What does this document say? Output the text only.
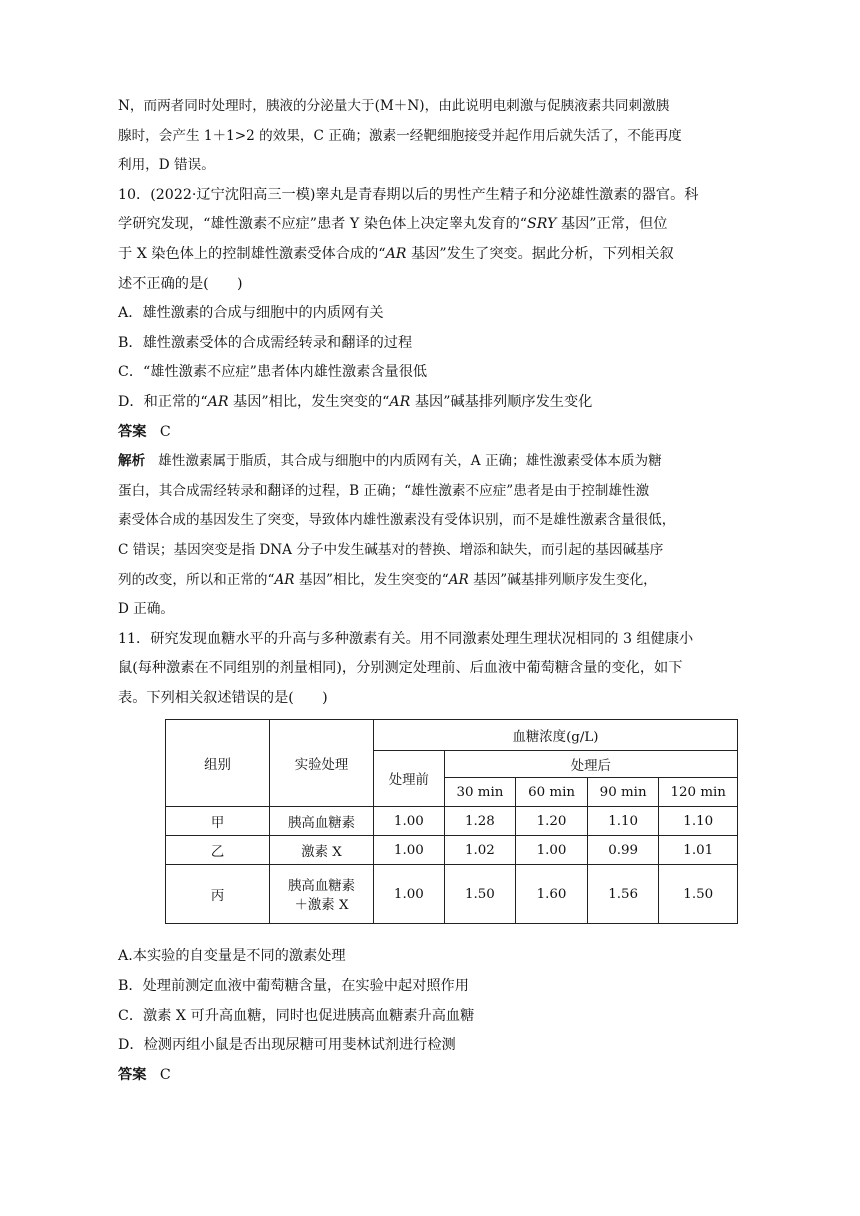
N，而两者同时处理时，胰液的分泌量大于(M＋N)，由此说明电刺激与促胰液素共同刺激胰

腺时，会产生 1＋1>2 的效果，C 正确；激素一经靶细胞接受并起作用后就失活了，不能再度

利用，D 错误。

10．(2022·辽宁沈阳高三一模)睾丸是青春期以后的男性产生精子和分泌雄性激素的器官。科

学研究发现，“雄性激素不应症”患者 Y 染色体上决定睾丸发育的“SRY 基因”正常，但位

于 X 染色体上的控制雄性激素受体合成的“AR 基因”发生了突变。据此分析，下列相关叙

述不正确的是(　　)

A．雄性激素的合成与细胞中的内质网有关

B．雄性激素受体的合成需经转录和翻译的过程

C．“雄性激素不应症”患者体内雄性激素含量很低

D．和正常的“AR 基因”相比，发生突变的“AR 基因”碱基排列顺序发生变化

答案 C

解析 雄性激素属于脂质，其合成与细胞中的内质网有关，A 正确；雄性激素受体本质为糖

蛋白，其合成需经转录和翻译的过程，B 正确；“雄性激素不应症”患者是由于控制雄性激

素受体合成的基因发生了突变，导致体内雄性激素没有受体识别，而不是雄性激素含量很低，

C 错误；基因突变是指 DNA 分子中发生碱基对的替换、增添和缺失，而引起的基因碱基序

列的改变，所以和正常的“AR 基因”相比，发生突变的“AR 基因”碱基排列顺序发生变化，

D 正确。

11．研究发现血糖水平的升高与多种激素有关。用不同激素处理生理状况相同的 3 组健康小

鼠(每种激素在不同组别的剂量相同)，分别测定处理前、后血液中葡萄糖含量的变化，如下

表。下列相关叙述错误的是(　　)

组别	实验处理	血糖浓度(g/L)				
		处理前	处理后			
			30 min	60 min	90 min	120 min
甲	胰高血糖素	1.00	1.28	1.20	1.10	1.10
乙	激素 X	1.00	1.02	1.00	0.99	1.01
丙	胰高血糖素
＋激素 X	1.00	1.50	1.60	1.56	1.50

A.本实验的自变量是不同的激素处理

B．处理前测定血液中葡萄糖含量，在实验中起对照作用

C．激素 X 可升高血糖，同时也促进胰高血糖素升高血糖

D．检测丙组小鼠是否出现尿糖可用斐林试剂进行检测

答案 C
